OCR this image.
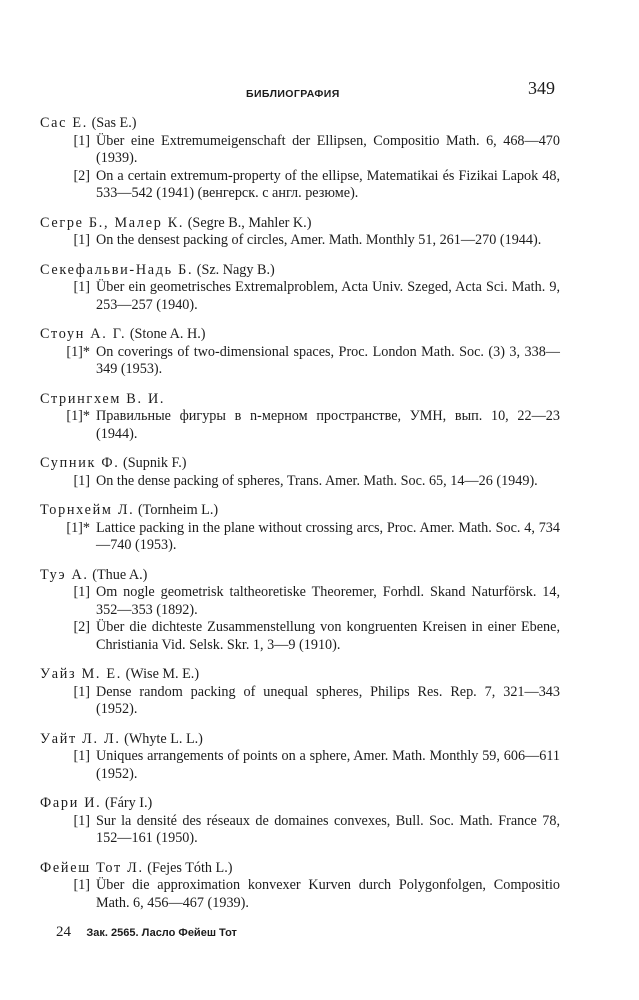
БИБЛИОГРАФИЯ	349
Сас Е. (Sas E.)
[1] Über eine Extremumeigenschaft der Ellipsen, Compositio Math. 6, 468—470 (1939).
[2] On a certain extremum-property of the ellipse, Matematikai és Fizikai Lapok 48, 533—542 (1941) (венгерск. с англ. резюме).
Сегре Б., Малер К. (Segre B., Mahler K.)
[1] On the densest packing of circles, Amer. Math. Monthly 51, 261—270 (1944).
Секефальви-Надь Б. (Sz. Nagy B.)
[1] Über ein geometrisches Extremalproblem, Acta Univ. Szeged, Acta Sci. Math. 9, 253—257 (1940).
Стоун А. Г. (Stone A. H.)
[1]* On coverings of two-dimensional spaces, Proc. London Math. Soc. (3) 3, 338—349 (1953).
Стрингхем В. И.
[1]* Правильные фигуры в n-мерном пространстве, УМН, вып. 10, 22—23 (1944).
Супник Ф. (Supnik F.)
[1] On the dense packing of spheres, Trans. Amer. Math. Soc. 65, 14—26 (1949).
Торнхейм Л. (Tornheim L.)
[1]* Lattice packing in the plane without crossing arcs, Proc. Amer. Math. Soc. 4, 734—740 (1953).
Туэ А. (Thue A.)
[1] Om nogle geometrisk taltheoretiske Theoremer, Forhdl. Skand Naturförsk. 14, 352—353 (1892).
[2] Über die dichteste Zusammenstellung von kongruenten Kreisen in einer Ebene, Christiania Vid. Selsk. Skr. 1, 3—9 (1910).
Уайз М. Е. (Wise M. E.)
[1] Dense random packing of unequal spheres, Philips Res. Rep. 7, 321—343 (1952).
Уайт Л. Л. (Whyte L. L.)
[1] Uniques arrangements of points on a sphere, Amer. Math. Monthly 59, 606—611 (1952).
Фари И. (Fáry I.)
[1] Sur la densité des réseaux de domaines convexes, Bull. Soc. Math. France 78, 152—161 (1950).
Фейеш Тот Л. (Fejes Tóth L.)
[1] Über die approximation konvexer Kurven durch Polygonfolgen, Compositio Math. 6, 456—467 (1939).
24 Зак. 2565. Ласло Фейеш Тот
